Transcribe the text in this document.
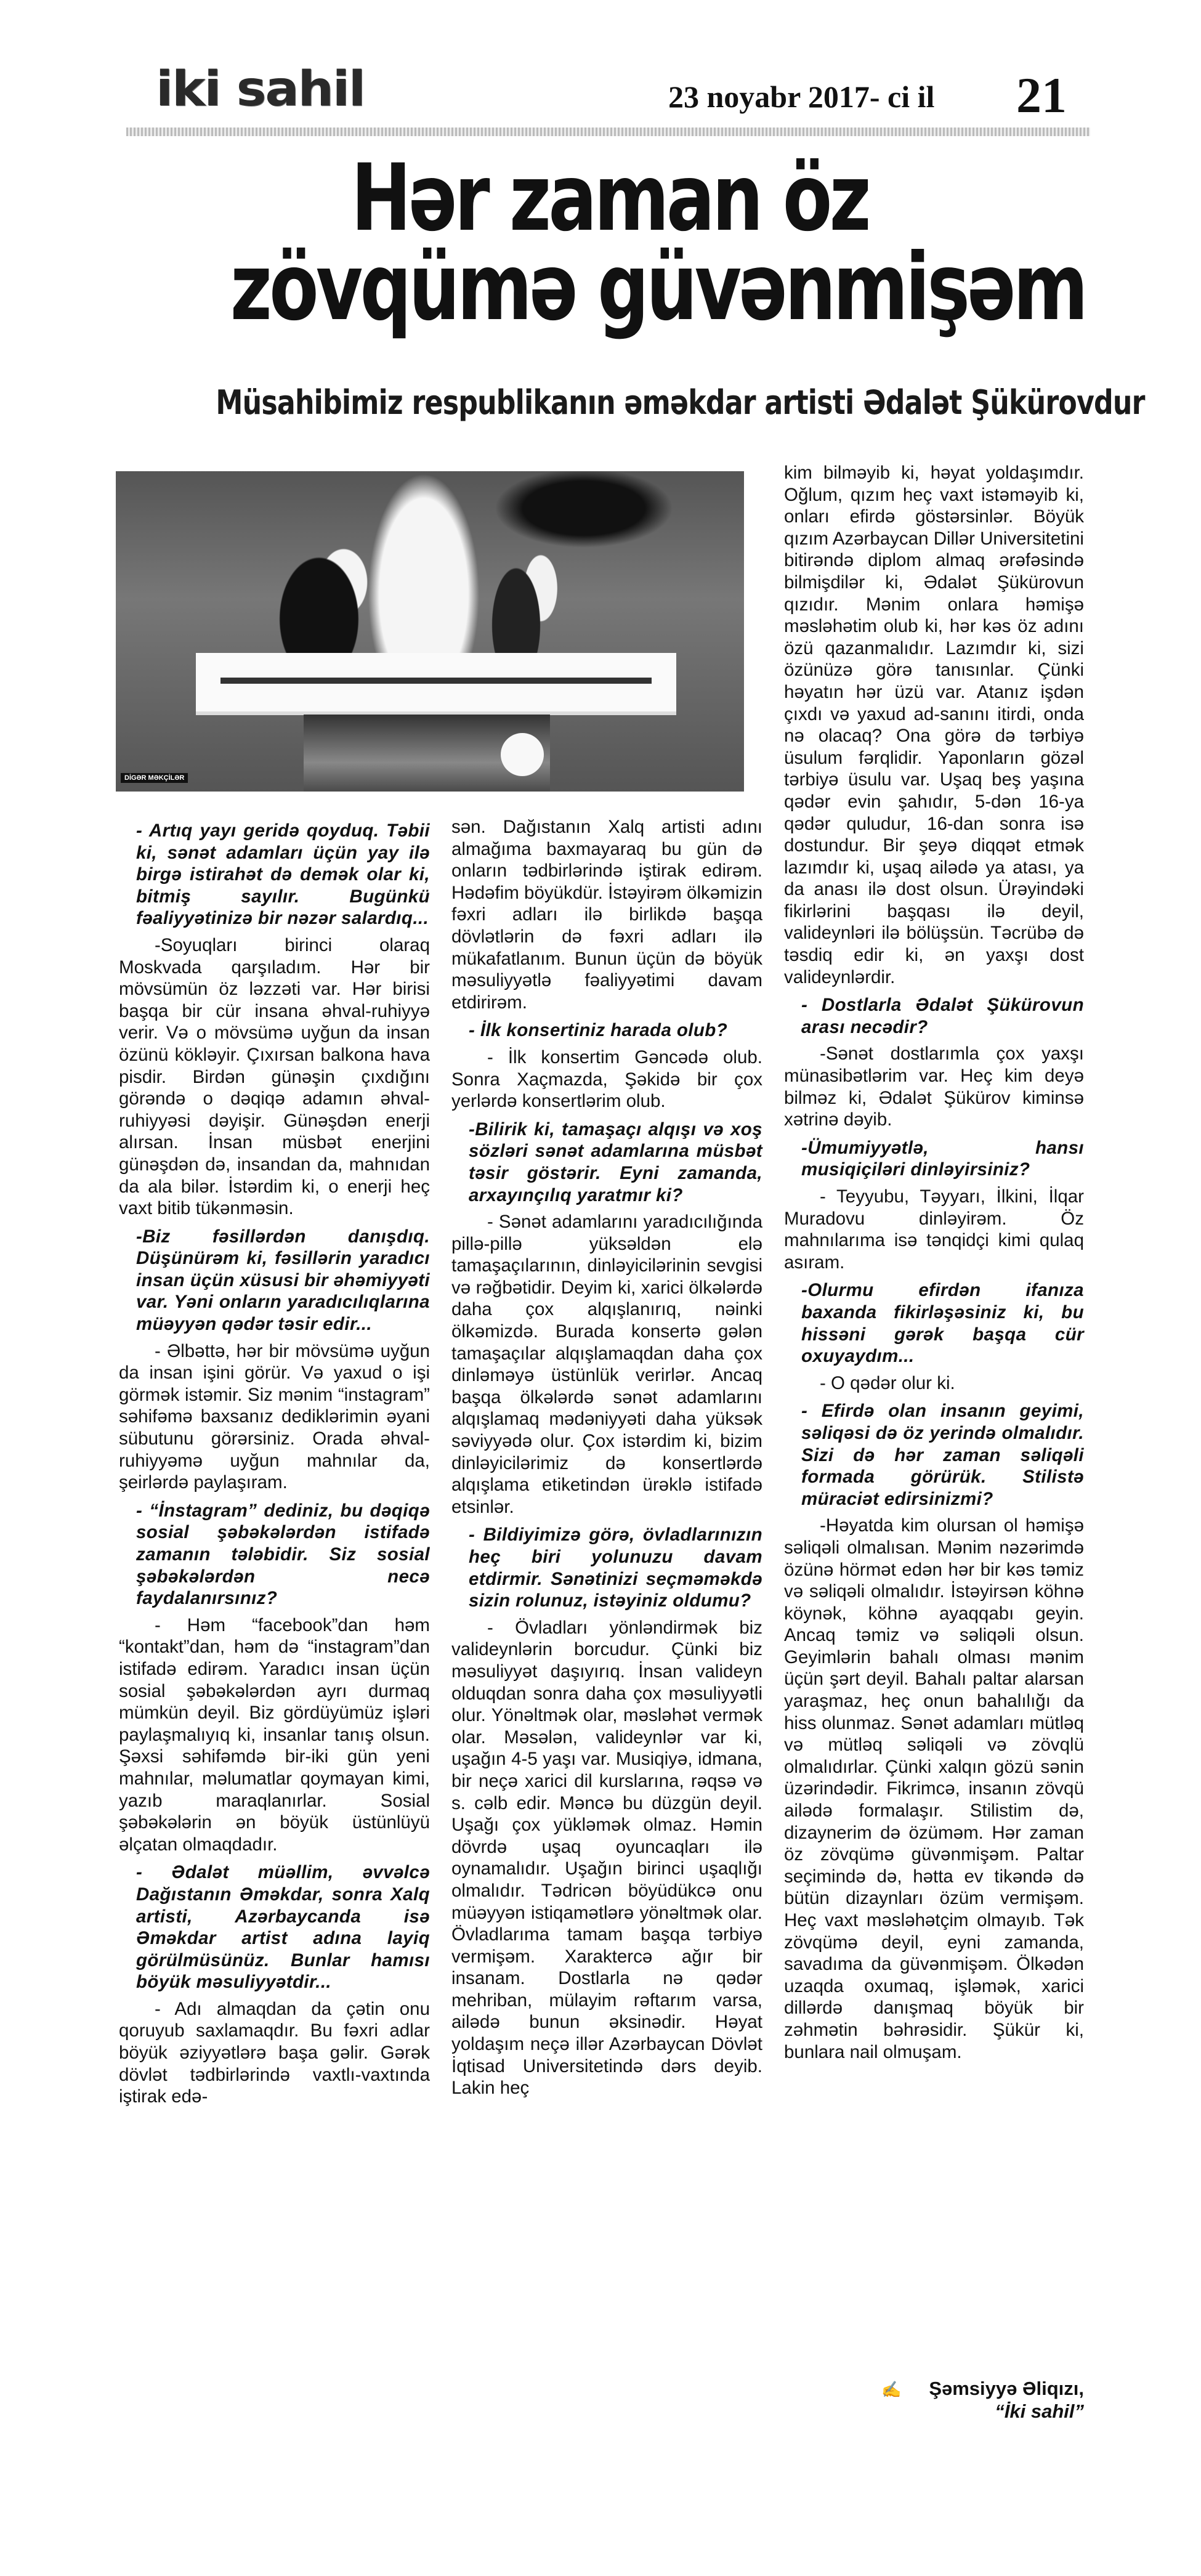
iki sahil	23 noyabr 2017- ci il 21
Hər zaman öz
zövqümə güvənmişəm
Müsahibimiz respublikanın əməkdar artisti Ədalət Şükürovdur
DİGƏR MƏKÇİLƏR

- Artıq yayı geridə qoyduq. Təbii ki, sənət adamları üçün yay ilə birgə istirahət də demək olar ki, bitmiş sayılır. Bugünkü fəaliyyətinizə bir nəzər salardıq...

-Soyuqları birinci olaraq Moskvada qarşıladım. Hər bir mövsümün öz ləzzəti var. Hər birisi başqa bir cür insana əhval-ruhiyyə verir. Və o mövsümə uyğun da insan özünü kökləyir. Çıxırsan balkona hava pisdir. Birdən günəşin çıxdığını görəndə o dəqiqə adamın əhval-ruhiyyəsi dəyişir. Günəşdən enerji alırsan. İnsan müsbət enerjini günəşdən də, insandan da, mahnıdan da ala bilər. İstərdim ki, o enerji heç vaxt bitib tükənməsin.

-Biz fəsillərdən danışdıq. Düşünürəm ki, fəsillərin yaradıcı insan üçün xüsusi bir əhəmiyyəti var. Yəni onların yaradıcılıqlarına müəyyən qədər təsir edir...

- Əlbəttə, hər bir mövsümə uyğun da insan işini görür. Və yaxud o işi görmək istəmir. Siz mənim “instagram” səhifəmə baxsanız dediklərimin əyani sübutunu görərsiniz. Orada əhval-ruhiyyəmə uyğun mahnılar da, şeirlərdə paylaşıram.

- “İnstagram” dediniz, bu dəqiqə sosial şəbəkələrdən istifadə zamanın tələbidir. Siz sosial şəbəkələrdən necə faydalanırsınız?

- Həm “facebook”dan həm “kontakt”dan, həm də “instagram”dan istifadə edirəm. Yaradıcı insan üçün sosial şəbəkələrdən ayrı durmaq mümkün deyil. Biz gördüyümüz işləri paylaşmalıyıq ki, insanlar tanış olsun. Şəxsi səhifəmdə bir-iki gün yeni mahnılar, məlumatlar qoymayan kimi, yazıb maraqlanırlar. Sosial şəbəkələrin ən böyük üstünlüyü əlçatan olmaqdadır.

- Ədalət müəllim, əvvəlcə Dağıstanın Əməkdar, sonra Xalq artisti, Azərbaycanda isə Əməkdar artist adına layiq görülmüsünüz. Bunlar hamısı böyük məsuliyyətdir...

- Adı almaqdan da çətin onu qoruyub saxlamaqdır. Bu fəxri adlar böyük əziyyətlərə başa gəlir. Gərək dövlət tədbirlərində vaxtlı-vaxtında iştirak edə-

sən. Dağıstanın Xalq artisti adını almağıma baxmayaraq bu gün də onların tədbirlərində iştirak edirəm. Hədəfim böyükdür. İstəyirəm ölkəmizin fəxri adları ilə birlikdə başqa dövlətlərin də fəxri adları ilə mükafatlanım. Bunun üçün də böyük məsuliyyətlə fəaliyyətimi davam etdirirəm.

- İlk konsertiniz harada olub?

- İlk konsertim Gəncədə olub. Sonra Xaçmazda, Şəkidə bir çox yerlərdə konsertlərim olub.

-Bilirik ki, tamaşaçı alqışı və xoş sözləri sənət adamlarına müsbət təsir göstərir. Eyni zamanda, arxayınçılıq yaratmır ki?

- Sənət adamlarını yaradıcılığında pillə-pillə yüksəldən elə tamaşaçılarının, dinləyicilərinin sevgisi və rəğbətidir. Deyim ki, xarici ölkələrdə daha çox alqışlanırıq, nəinki ölkəmizdə. Burada konsertə gələn tamaşaçılar alqışlamaqdan daha çox dinləməyə üstünlük verirlər. Ancaq başqa ölkələrdə sənət adamlarını alqışlamaq mədəniyyəti daha yüksək səviyyədə olur. Çox istərdim ki, bizim dinləyicilərimiz də konsertlərdə alqışlama etiketindən ürəklə istifadə etsinlər.

- Bildiyimizə görə, övladlarınızın heç biri yolunuzu davam etdirmir. Sənətinizi seçməməkdə sizin rolunuz, istəyiniz oldumu?

- Övladları yönləndirmək biz valideynlərin borcudur. Çünki biz məsuliyyət daşıyırıq. İnsan valideyn olduqdan sonra daha çox məsuliyyətli olur. Yönəltmək olar, məsləhət vermək olar. Məsələn, valideynlər var ki, uşağın 4-5 yaşı var. Musiqiyə, idmana, bir neçə xarici dil kurslarına, rəqsə və s. cəlb edir. Məncə bu düzgün deyil. Uşağı çox yükləmək olmaz. Həmin dövrdə uşaq oyuncaqları ilə oynamalıdır. Uşağın birinci uşaqlığı olmalıdır. Tədricən böyüdükcə onu müəyyən istiqamətlərə yönəltmək olar. Övladlarıma tamam başqa tərbiyə vermişəm. Xaraktercə ağır bir insanam. Dostlarla nə qədər mehriban, mülayim rəftarım varsa, ailədə bunun əksinədir. Həyat yoldaşım neçə illər Azərbaycan Dövlət İqtisad Universitetində dərs deyib. Lakin heç

kim bilməyib ki, həyat yoldaşımdır. Oğlum, qızım heç vaxt istəməyib ki, onları efirdə göstərsinlər. Böyük qızım Azərbaycan Dillər Universitetini bitirəndə diplom almaq ərəfəsində bilmişdilər ki, Ədalət Şükürovun qızıdır. Mənim onlara həmişə məsləhətim olub ki, hər kəs öz adını özü qazanmalıdır. Lazımdır ki, sizi özünüzə görə tanısınlar. Çünki həyatın hər üzü var. Atanız işdən çıxdı və yaxud ad-sanını itirdi, onda nə olacaq? Ona görə də tərbiyə üsulum fərqlidir. Yaponların gözəl tərbiyə üsulu var. Uşaq beş yaşına qədər evin şahıdır, 5-dən 16-ya qədər quludur, 16-dan sonra isə dostundur. Bir şeyə diqqət etmək lazımdır ki, uşaq ailədə ya atası, ya da anası ilə dost olsun. Ürəyindəki fikirlərini başqası ilə deyil, valideynləri ilə bölüşsün. Təcrübə də təsdiq edir ki, ən yaxşı dost valideynlərdir.

- Dostlarla Ədalət Şükürovun arası necədir?

-Sənət dostlarımla çox yaxşı münasibətlərim var. Heç kim deyə bilməz ki, Ədalət Şükürov kiminsə xətrinə dəyib.

-Ümumiyyətlə, hansı musiqiçiləri dinləyirsiniz?

- Teyyubu, Təyyarı, İlkini, İlqar Muradovu dinləyirəm. Öz mahnılarıma isə tənqidçi kimi qulaq asıram.

-Olurmu efirdən ifanıza baxanda fikirləşəsiniz ki, bu hissəni gərək başqa cür oxuyaydım...

- O qədər olur ki.

- Efirdə olan insanın geyimi, səliqəsi də öz yerində olmalıdır. Sizi də hər zaman səliqəli formada görürük. Stilistə müraciət edirsinizmi?

-Həyatda kim olursan ol həmişə səliqəli olmalısan. Mənim nəzərimdə özünə hörmət edən hər bir kəs təmiz və səliqəli olmalıdır. İstəyirsən köhnə köynək, köhnə ayaqqabı geyin. Ancaq təmiz və səliqəli olsun. Geyimlərin bahalı olması mənim üçün şərt deyil. Bahalı paltar alarsan yaraşmaz, heç onun bahalılığı da hiss olunmaz. Sənət adamları mütləq və mütləq səliqəli və zövqlü olmalıdırlar. Çünki xalqın gözü sənin üzərindədir. Fikrimcə, insanın zövqü ailədə formalaşır. Stilistim də, dizaynerim də özüməm. Hər zaman öz zövqümə güvənmişəm. Paltar seçimində də, hətta ev tikəndə də bütün dizaynları özüm vermişəm. Heç vaxt məsləhətçim olmayıb. Tək zövqümə deyil, eyni zamanda, savadıma da güvənmişəm. Ölkədən uzaqda oxumaq, işləmək, xarici dillərdə danışmaq böyük bir zəhmətin bəhrəsidir. Şükür ki, bunlara nail olmuşam.

✍ Şəmsiyyə Əliqızı,
“İki sahil”
